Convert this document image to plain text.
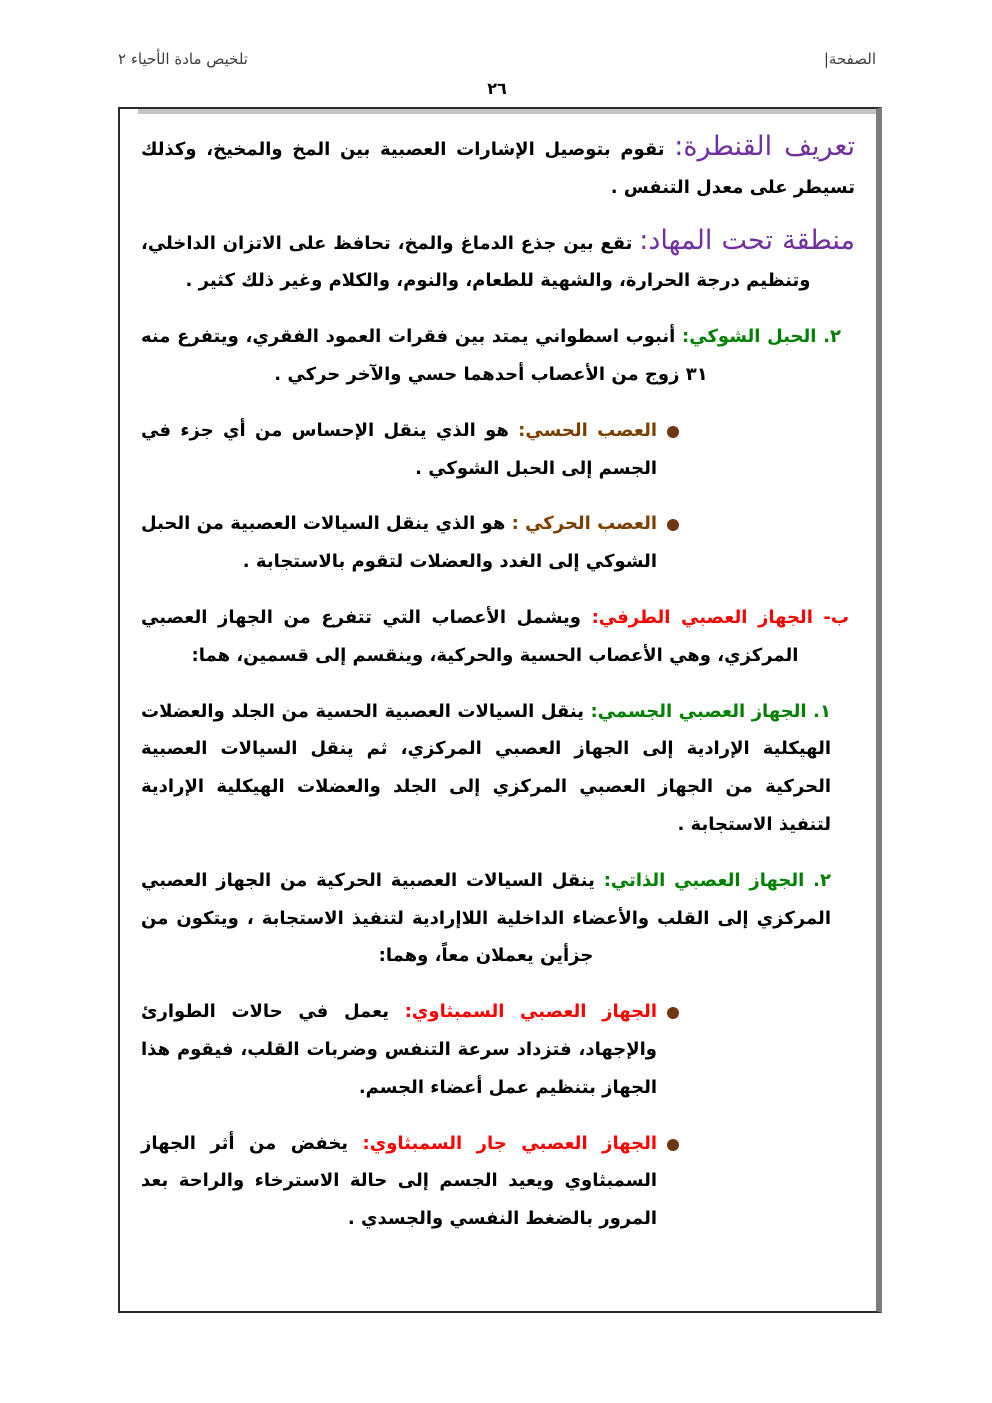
تلخيص مادة الأحياء ٢	الصفحة|
٢٦

تعريف القنطرة: تقوم بتوصيل الإشارات العصبية بين المخ والمخيخ، وكذلك تسيطر على معدل التنفس .

منطقة تحت المهاد: تقع بين جذع الدماغ والمخ، تحافظ على الاتزان الداخلي، وتنظيم درجة الحرارة، والشهية للطعام، والنوم، والكلام وغير ذلك كثير .

٢. الحبل الشوكي: أنبوب اسطواني يمتد بين فقرات العمود الفقري، ويتفرع منه ٣١ زوج من الأعصاب أحدهما حسي والآخر حركي .

العصب الحسي: هو الذي ينقل الإحساس من أي جزء في الجسم إلى الحبل الشوكي .

العصب الحركي : هو الذي ينقل السيالات العصبية من الحبل الشوكي إلى الغدد والعضلات لتقوم بالاستجابة .

ب- الجهاز العصبي الطرفي: ويشمل الأعصاب التي تتفرع من الجهاز العصبي المركزي، وهي الأعصاب الحسية والحركية، وينقسم إلى قسمين، هما:

١. الجهاز العصبي الجسمي: ينقل السيالات العصبية الحسية من الجلد والعضلات الهيكلية الإرادية إلى الجهاز العصبي المركزي، ثم ينقل السيالات العصبية الحركية من الجهاز العصبي المركزي إلى الجلد والعضلات الهيكلية الإرادية لتنفيذ الاستجابة .

٢. الجهاز العصبي الذاتي: ينقل السيالات العصبية الحركية من الجهاز العصبي المركزي إلى القلب والأعضاء الداخلية اللاإرادية لتنفيذ الاستجابة ، ويتكون من جزأين يعملان معاً، وهما:

الجهاز العصبي السمبثاوي: يعمل في حالات الطوارئ والإجهاد، فتزداد سرعة التنفس وضربات القلب، فيقوم هذا الجهاز بتنظيم عمل أعضاء الجسم.

الجهاز العصبي جار السمبثاوي: يخفض من أثر الجهاز السمبثاوي ويعيد الجسم إلى حالة الاسترخاء والراحة بعد المرور بالضغط النفسي والجسدي .
